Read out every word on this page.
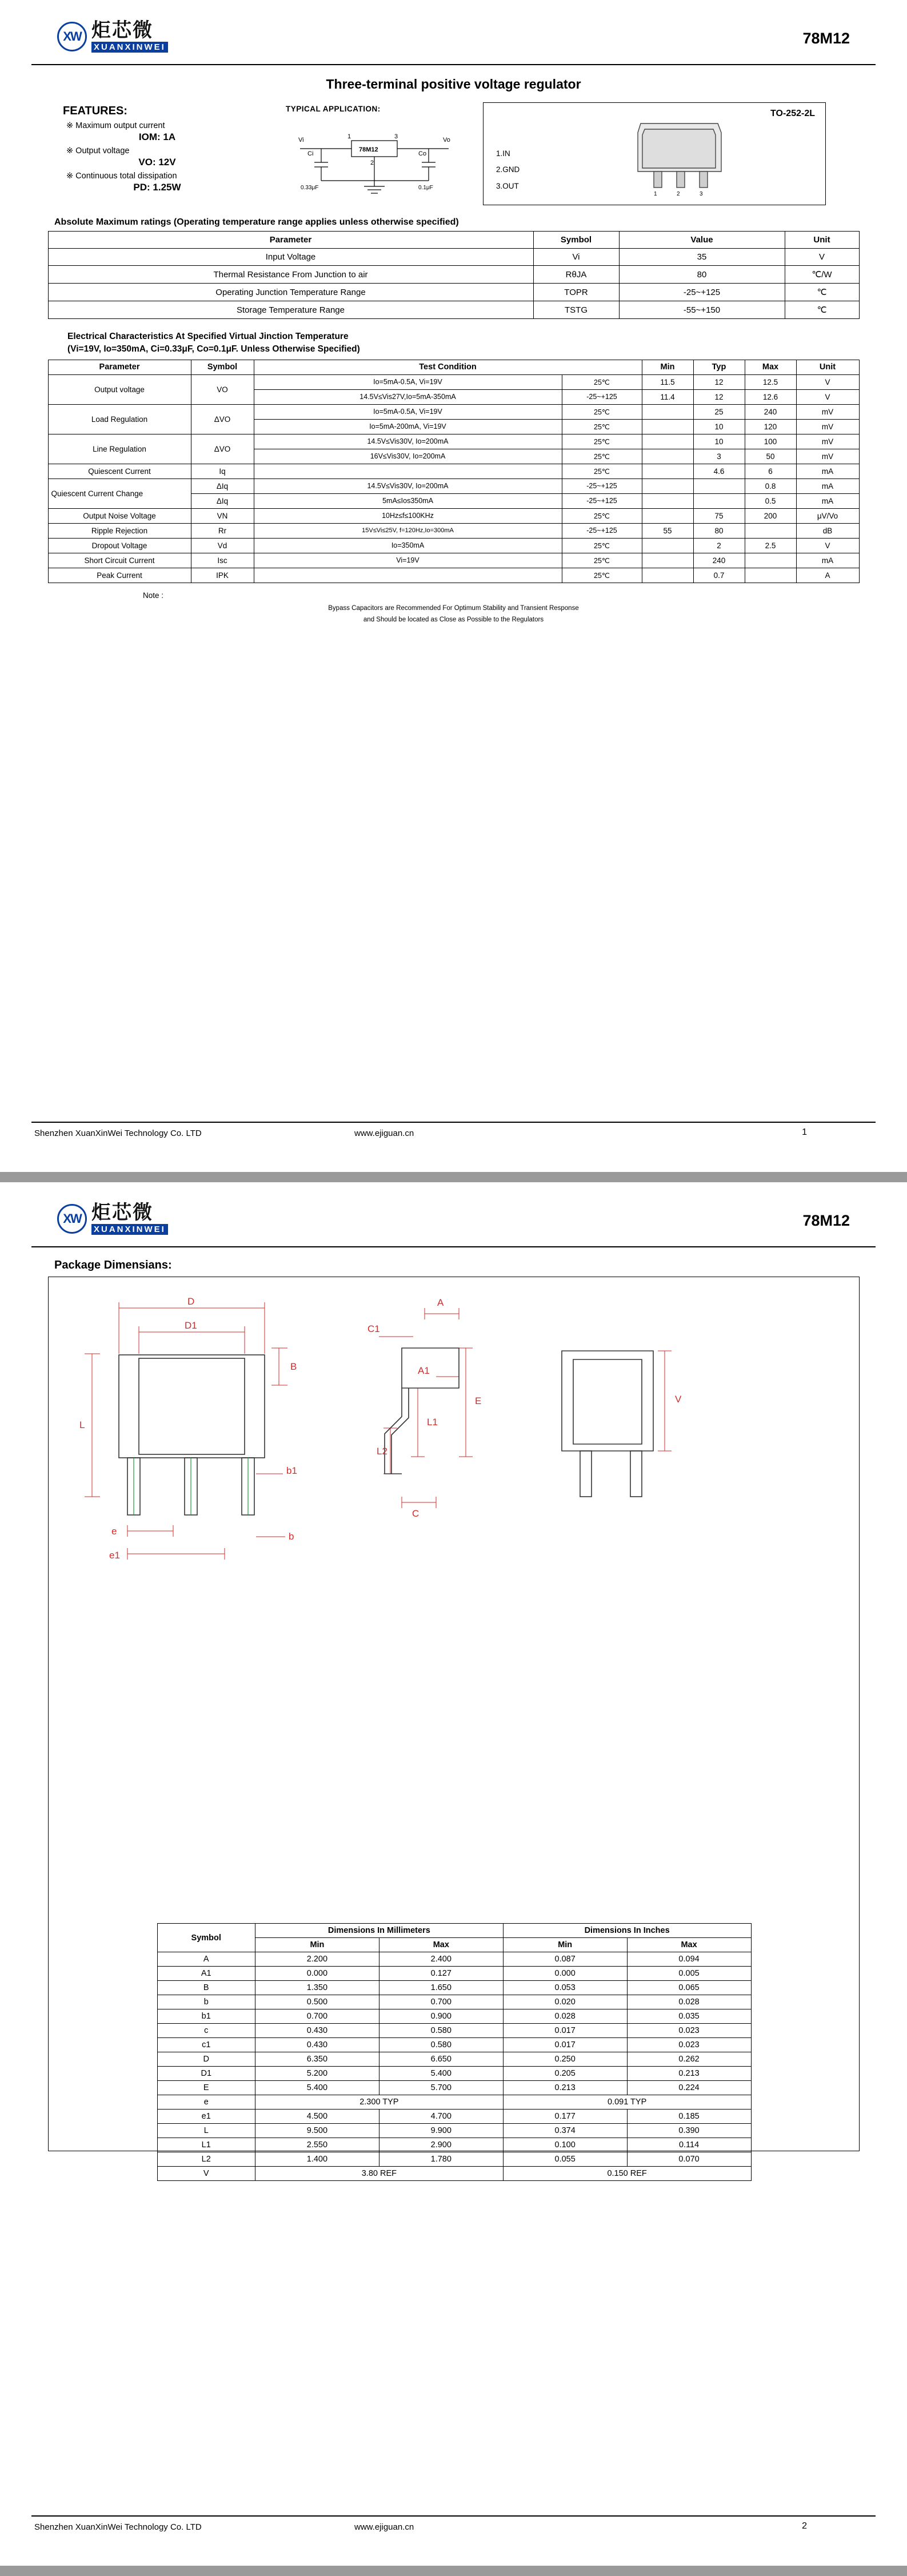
XW 炬芯微
XUANXINWEI
78M12
Three-terminal positive voltage regulator
FEATURES:
※ Maximum output current
IOM: 1A
※ Output voltage
VO: 12V
※ Continuous total dissipation
PD: 1.25W
TYPICAL APPLICATION:
Vi	Vo
1	3
2
Ci	Co
0.33μF	0.1μF
78M12
TO-252-2L
1.IN
2.GND
3.OUT
1	2	3
Absolute Maximum ratings (Operating temperature range applies unless otherwise specified)
Parameter	Symbol	Value	Unit
Input Voltage	Vi	35	V
Thermal Resistance From Junction to air	RθJA	80	℃/W
Operating Junction Temperature Range	TOPR	-25~+125	℃
Storage Temperature Range	TSTG	-55~+150	℃
Electrical Characteristics At Specified Virtual Jinction Temperature
(Vi=19V, Io=350mA, Ci=0.33μF, Co=0.1μF. Unless Otherwise Specified)
Parameter	Symbol	Test Condition		Min	Typ	Max	Unit
Output voltage	VO	Io=5mA-0.5A, Vi=19V	25℃	11.5	12	12.5	V
		14.5V≤Vis27V,Io=5mA-350mA	-25~+125	11.4	12	12.6	V
Load Regulation	ΔVO	Io=5mA-0.5A, Vi=19V	25℃		25	240	mV
		Io=5mA-200mA, Vi=19V	25℃		10	120	mV
Line Regulation	ΔVO	14.5V≤Vis30V, Io=200mA	25℃		10	100	mV
		16V≤Vis30V, Io=200mA	25℃		3	50	mV
Quiescent Current	Iq		25℃		4.6	6	mA
Quiescent Current Change	ΔIq	14.5V≤Vis30V, Io=200mA	-25~+125			0.8	mA
	ΔIq	5mA≤Ios350mA	-25~+125			0.5	mA
Output Noise Voltage	VN	10Hz≤f≤100KHz	25℃		75	200	μV/Vo
Ripple Rejection	Rr	15V≤Vi≤25V, f=120Hz,Io=300mA	-25~+125	55	80		dB
Dropout Voltage	Vd	Io=350mA	25℃		2	2.5	V
Short Circuit Current	Isc	Vi=19V	25℃		240		mA
Peak Current	IPK		25℃		0.7		A
Note :
Bypass Capacitors are Recommended For Optimum Stability and Transient Response
and Should be located as Close as Possible to the Regulators
Shenzhen XuanXinWei Technology Co. LTD	www.ejiguan.cn	1
XW 炬芯微
XUANXINWEI
78M12
Package Dimensians:
D
D1
B
L
b1
b
e
e1
A
C1
A1
E
L1
L2
C
V
Symbol	Dimensions In Millimeters		Dimensions In Inches	
	Min	Max	Min	Max
A	2.200	2.400	0.087	0.094
A1	0.000	0.127	0.000	0.005
B	1.350	1.650	0.053	0.065
b	0.500	0.700	0.020	0.028
b1	0.700	0.900	0.028	0.035
c	0.430	0.580	0.017	0.023
c1	0.430	0.580	0.017	0.023
D	6.350	6.650	0.250	0.262
D1	5.200	5.400	0.205	0.213
E	5.400	5.700	0.213	0.224
e	2.300 TYP		0.091 TYP	
e1	4.500	4.700	0.177	0.185
L	9.500	9.900	0.374	0.390
L1	2.550	2.900	0.100	0.114
L2	1.400	1.780	0.055	0.070
V	3.80 REF		0.150 REF	
Shenzhen XuanXinWei Technology Co. LTD	www.ejiguan.cn	2
